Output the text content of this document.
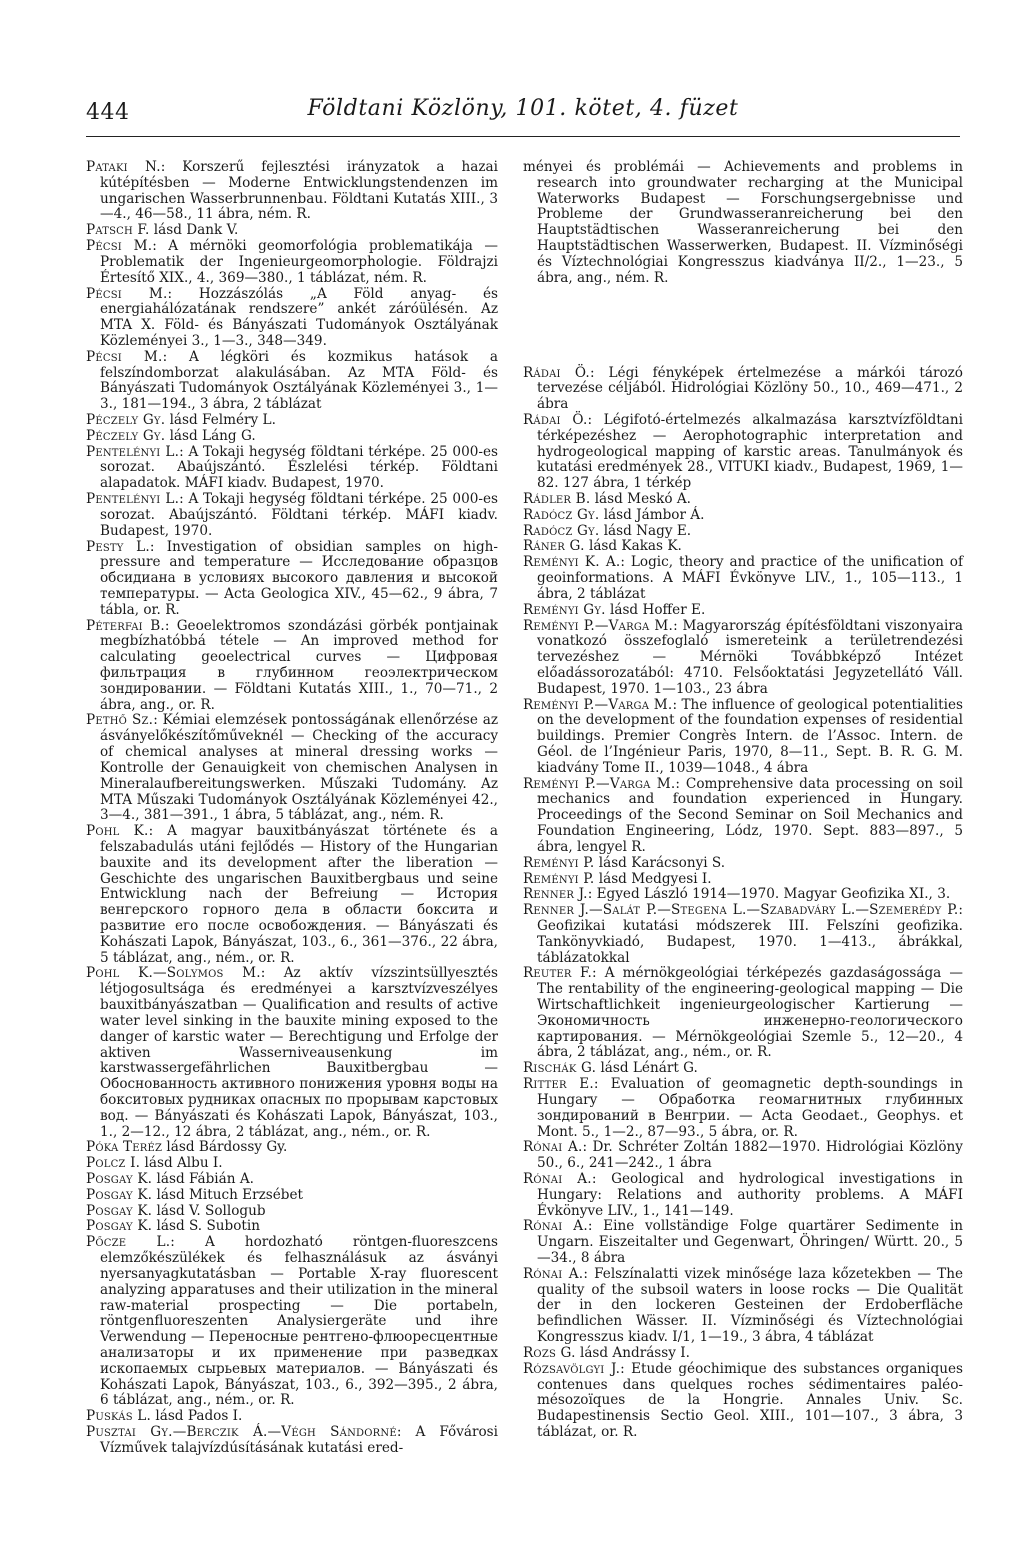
444	Földtani Közlöny, 101. kötet, 4. füzet
Pataki N.: Korszerű fejlesztési irányzatok a hazai kútépítésben — Moderne Entwicklungstendenzen im ungarischen Wasserbrunnenbau. Földtani Kutatás XIII., 3—4., 46—58., 11 ábra, ném. R.
Patsch F. lásd Dank V.
Pécsi M.: A mérnöki geomorfológia problematikája — Problematik der Ingenieurgeomorphologie. Földrajzi Értesítő XIX., 4., 369—380., 1 táblázat, ném. R.
Pécsi M.: Hozzászólás „A Föld anyag- és energiahálózatának rendszere” ankét záróülésén. Az MTA X. Föld- és Bányászati Tudományok Osztályának Közleményei 3., 1—3., 348—349.
Pécsi M.: A légköri és kozmikus hatások a felszíndomborzat alakulásában. Az MTA Föld- és Bányászati Tudományok Osztályának Közleményei 3., 1—3., 181—194., 3 ábra, 2 táblázat
Péczely Gy. lásd Felméry L.
Péczely Gy. lásd Láng G.
Pentelényi L.: A Tokaji hegység földtani térképe. 25 000-es sorozat. Abaújszántó. Észlelési térkép. Földtani alapadatok. MÁFI kiadv. Budapest, 1970.
Pentelényi L.: A Tokaji hegység földtani térképe. 25 000-es sorozat. Abaújszántó. Földtani térkép. MÁFI kiadv. Budapest, 1970.
Pesty L.: Investigation of obsidian samples on high-pressure and temperature — Исследование образцов обсидиана в условиях высокого давления и высокой температуры. — Acta Geologica XIV., 45—62., 9 ábra, 7 tábla, or. R.
Péterfai B.: Geoelektromos szondázási görbék pontjainak megbízhatóbbá tétele — An improved method for calculating geoelectrical curves — Цифровая фильтрация в глубинном геоэлектрическом зондировании. — Földtani Kutatás XIII., 1., 70—71., 2 ábra, ang., or. R.
Pethő Sz.: Kémiai elemzések pontosságának ellenőrzése az ásványelőkészítőműveknél — Checking of the accuracy of chemical analyses at mineral dressing works — Kontrolle der Genauigkeit von chemischen Analysen in Mineralaufbereitungswerken. Műszaki Tudomány. Az MTA Műszaki Tudományok Osztályának Közleményei 42., 3—4., 381—391., 1 ábra, 5 táblázat, ang., ném. R.
Pohl K.: A magyar bauxitbányászat története és a felszabadulás utáni fejlődés — History of the Hungarian bauxite and its development after the liberation — Geschichte des ungarischen Bauxitbergbaus und seine Entwicklung nach der Befreiung — История венгерского горного дела в области боксита и развитие его после освобождения. — Bányászati és Kohászati Lapok, Bányászat, 103., 6., 361—376., 22 ábra, 5 táblázat, ang., ném., or. R.
Pohl K.—Solymos M.: Az aktív vízszintsüllyesztés létjogosultsága és eredményei a karsztvízveszélyes bauxitbányászatban — Qualification and results of active water level sinking in the bauxite mining exposed to the danger of karstic water — Berechtigung und Erfolge der aktiven Wasserniveausenkung im karstwassergefährlichen Bauxitbergbau — Обоснованность активного понижения уровня воды на бокситовых рудниках опасных по прорывам карстовых вод. — Bányászati és Kohászati Lapok, Bányászat, 103., 1., 2—12., 12 ábra, 2 táblázat, ang., ném., or. R.
Póka Teréz lásd Bárdossy Gy.
Polcz I. lásd Albu I.
Posgay K. lásd Fábián A.
Posgay K. lásd Mituch Erzsébet
Posgay K. lásd V. Sollogub
Posgay K. lásd S. Subotin
Pőcze L.: A hordozható röntgen-fluoreszcens elemzőkészülékek és felhasználásuk az ásványi nyersanyagkutatásban — Portable X-ray fluorescent analyzing apparatuses and their utilization in the mineral raw-material prospecting — Die portabeln, röntgenfluoreszenten Analysiergeräte und ihre Verwendung — Переносные рентгено-флюоресцентные анализаторы и их применение при разведках ископаемых сырьевых материалов. — Bányászati és Kohászati Lapok, Bányászat, 103., 6., 392—395., 2 ábra, 6 táblázat, ang., ném., or. R.
Puskás L. lásd Pados I.
Pusztai Gy.—Berczik Á.—Végh Sándorné: A Fővárosi Vízművek talajvízdúsításának kutatási ered-
ményei és problémái — Achievements and problems in research into groundwater recharging at the Municipal Waterworks Budapest — Forschungsergebnisse und Probleme der Grundwasseranreicherung bei den Hauptstädtischen Wasseranreicherung bei den Hauptstädtischen Wasserwerken, Budapest. II. Vízminőségi és Víztechnológiai Kongresszus kiadványa II/2., 1—23., 5 ábra, ang., ném. R.
Rádai Ö.: Légi fényképek értelmezése a márkói tározó tervezése céljából. Hidrológiai Közlöny 50., 10., 469—471., 2 ábra
Rádai Ö.: Légifotó-értelmezés alkalmazása karsztvízföldtani térképezéshez — Aerophotographic interpretation and hydrogeological mapping of karstic areas. Tanulmányok és kutatási eredmények 28., VITUKI kiadv., Budapest, 1969, 1—82. 127 ábra, 1 térkép
Rádler B. lásd Meskó A.
Radócz Gy. lásd Jámbor Á.
Radócz Gy. lásd Nagy E.
Ráner G. lásd Kakas K.
Reményi K. A.: Logic, theory and practice of the unification of geoinformations. A MÁFI Évkönyve LIV., 1., 105—113., 1 ábra, 2 táblázat
Reményi Gy. lásd Hoffer E.
Reményi P.—Varga M.: Magyarország építésföldtani viszonyaira vonatkozó összefoglaló ismereteink a területrendezési tervezéshez — Mérnöki Továbbképző Intézet előadássorozatából: 4710. Felsőoktatási Jegyzetellátó Váll. Budapest, 1970. 1—103., 23 ábra
Reményi P.—Varga M.: The influence of geological potentialities on the development of the foundation expenses of residential buildings. Premier Congrès Intern. de l’Assoc. Intern. de Géol. de l’Ingénieur Paris, 1970, 8—11., Sept. B. R. G. M. kiadvány Tome II., 1039—1048., 4 ábra
Reményi P.—Varga M.: Comprehensive data processing on soil mechanics and foundation experienced in Hungary. Proceedings of the Second Seminar on Soil Mechanics and Foundation Engineering, Lódz, 1970. Sept. 883—897., 5 ábra, lengyel R.
Reményi P. lásd Karácsonyi S.
Reményi P. lásd Medgyesi I.
Renner J.: Egyed László 1914—1970. Magyar Geofizika XI., 3.
Renner J.—Salát P.—Stegena L.—Szabadváry L.—Szemerédy P.: Geofizikai kutatási módszerek III. Felszíni geofizika. Tankönyvkiadó, Budapest, 1970. 1—413., ábrákkal, táblázatokkal
Reuter F.: A mérnökgeológiai térképezés gazdaságossága — The rentability of the engineering-geological mapping — Die Wirtschaftlichkeit ingenieurgeologischer Kartierung — Экономичность инженерно-геологического картирования. — Mérnökgeológiai Szemle 5., 12—20., 4 ábra, 2 táblázat, ang., ném., or. R.
Rischák G. lásd Lénárt G.
Ritter E.: Evaluation of geomagnetic depth-soundings in Hungary — Обработка геомагнитных глубинных зондирований в Венгрии. — Acta Geodaet., Geophys. et Mont. 5., 1—2., 87—93., 5 ábra, or. R.
Rónai A.: Dr. Schréter Zoltán 1882—1970. Hidrológiai Közlöny 50., 6., 241—242., 1 ábra
Rónai A.: Geological and hydrological investigations in Hungary: Relations and authority problems. A MÁFI Évkönyve LIV., 1., 141—149.
Rónai A.: Eine vollständige Folge quartärer Sedimente in Ungarn. Eiszeitalter und Gegenwart, Öhringen/ Württ. 20., 5—34., 8 ábra
Rónai A.: Felszínalatti vizek minősége laza kőzetekben — The quality of the subsoil waters in loose rocks — Die Qualität der in den lockeren Gesteinen der Erdoberfläche befindlichen Wässer. II. Vízminőségi és Víztechnológiai Kongresszus kiadv. I/1, 1—19., 3 ábra, 4 táblázat
Rozs G. lásd Andrássy I.
Rózsavölgyi J.: Etude géochimique des substances organiques contenues dans quelques roches sédimentaires paléo-mésozoïques de la Hongrie. Annales Univ. Sc. Budapestinensis Sectio Geol. XIII., 101—107., 3 ábra, 3 táblázat, or. R.
